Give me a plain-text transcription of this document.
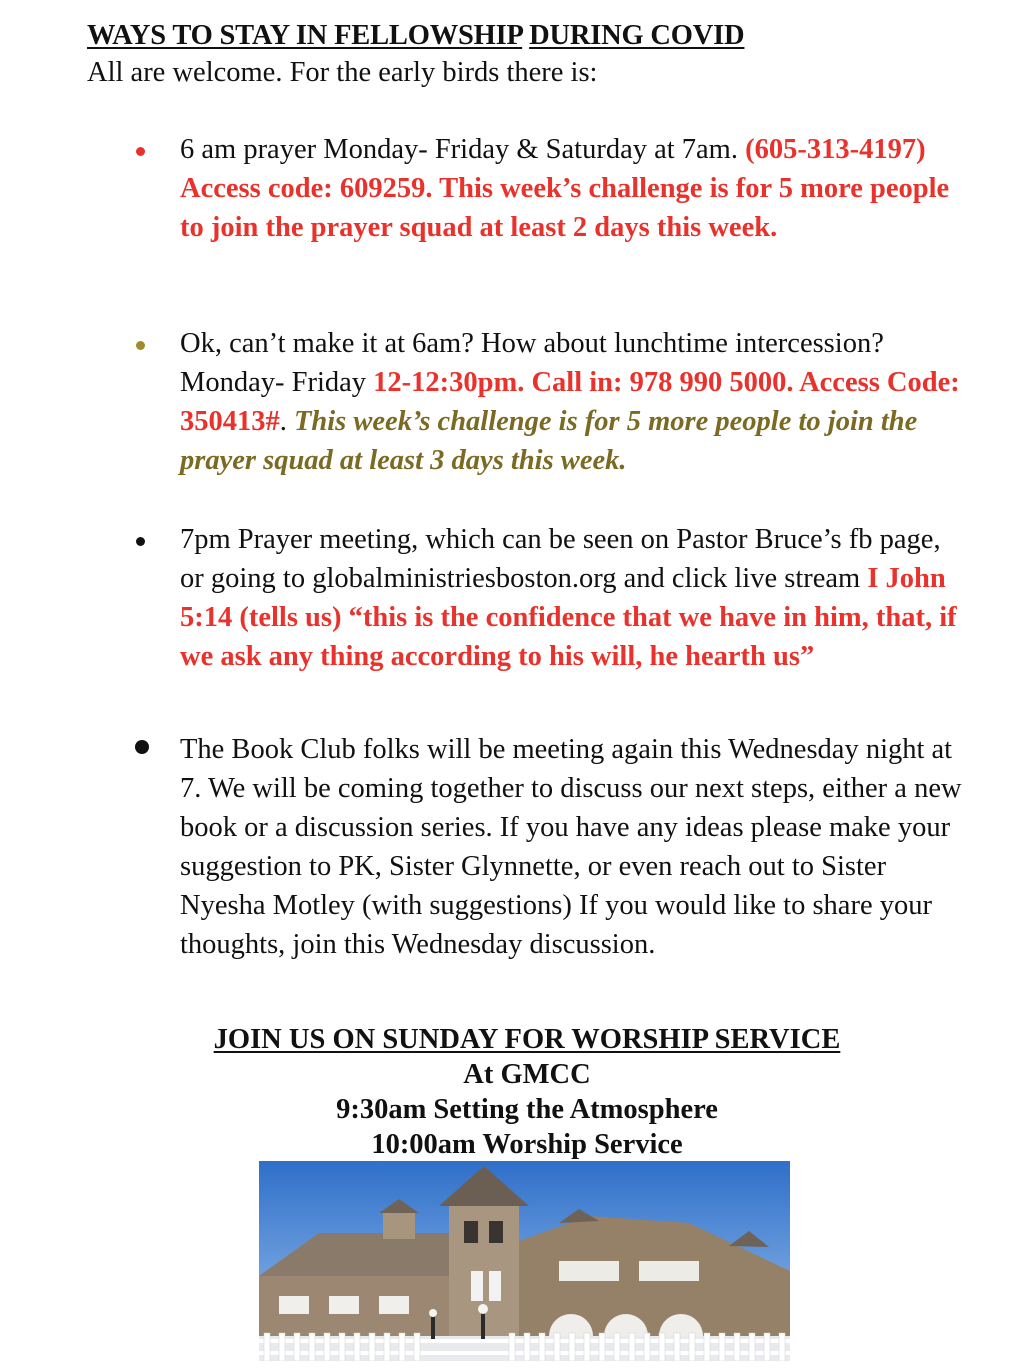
WAYS TO STAY IN FELLOWSHIP DURING COVID
All are welcome. For the early birds there is:
6 am prayer Monday- Friday & Saturday at 7am. (605-313-4197) Access code: 609259. This week’s challenge is for 5 more people to join the prayer squad at least 2 days this week.
Ok, can’t make it at 6am? How about lunchtime intercession? Monday- Friday 12-12:30pm. Call in: 978 990 5000. Access Code: 350413#. This week’s challenge is for 5 more people to join the prayer squad at least 3 days this week.
7pm Prayer meeting, which can be seen on Pastor Bruce’s fb page, or going to globalministriesboston.org and click live stream I John 5:14 (tells us) “this is the confidence that we have in him, that, if we ask any thing according to his will, he hearth us”
The Book Club folks will be meeting again this Wednesday night at 7. We will be coming together to discuss our next steps, either a new book or a discussion series. If you have any ideas please make your suggestion to PK, Sister Glynnette, or even reach out to Sister Nyesha Motley (with suggestions) If you would like to share your thoughts, join this Wednesday discussion.
JOIN US ON SUNDAY FOR WORSHIP SERVICE
At GMCC
9:30am Setting the Atmosphere
10:00am Worship Service
